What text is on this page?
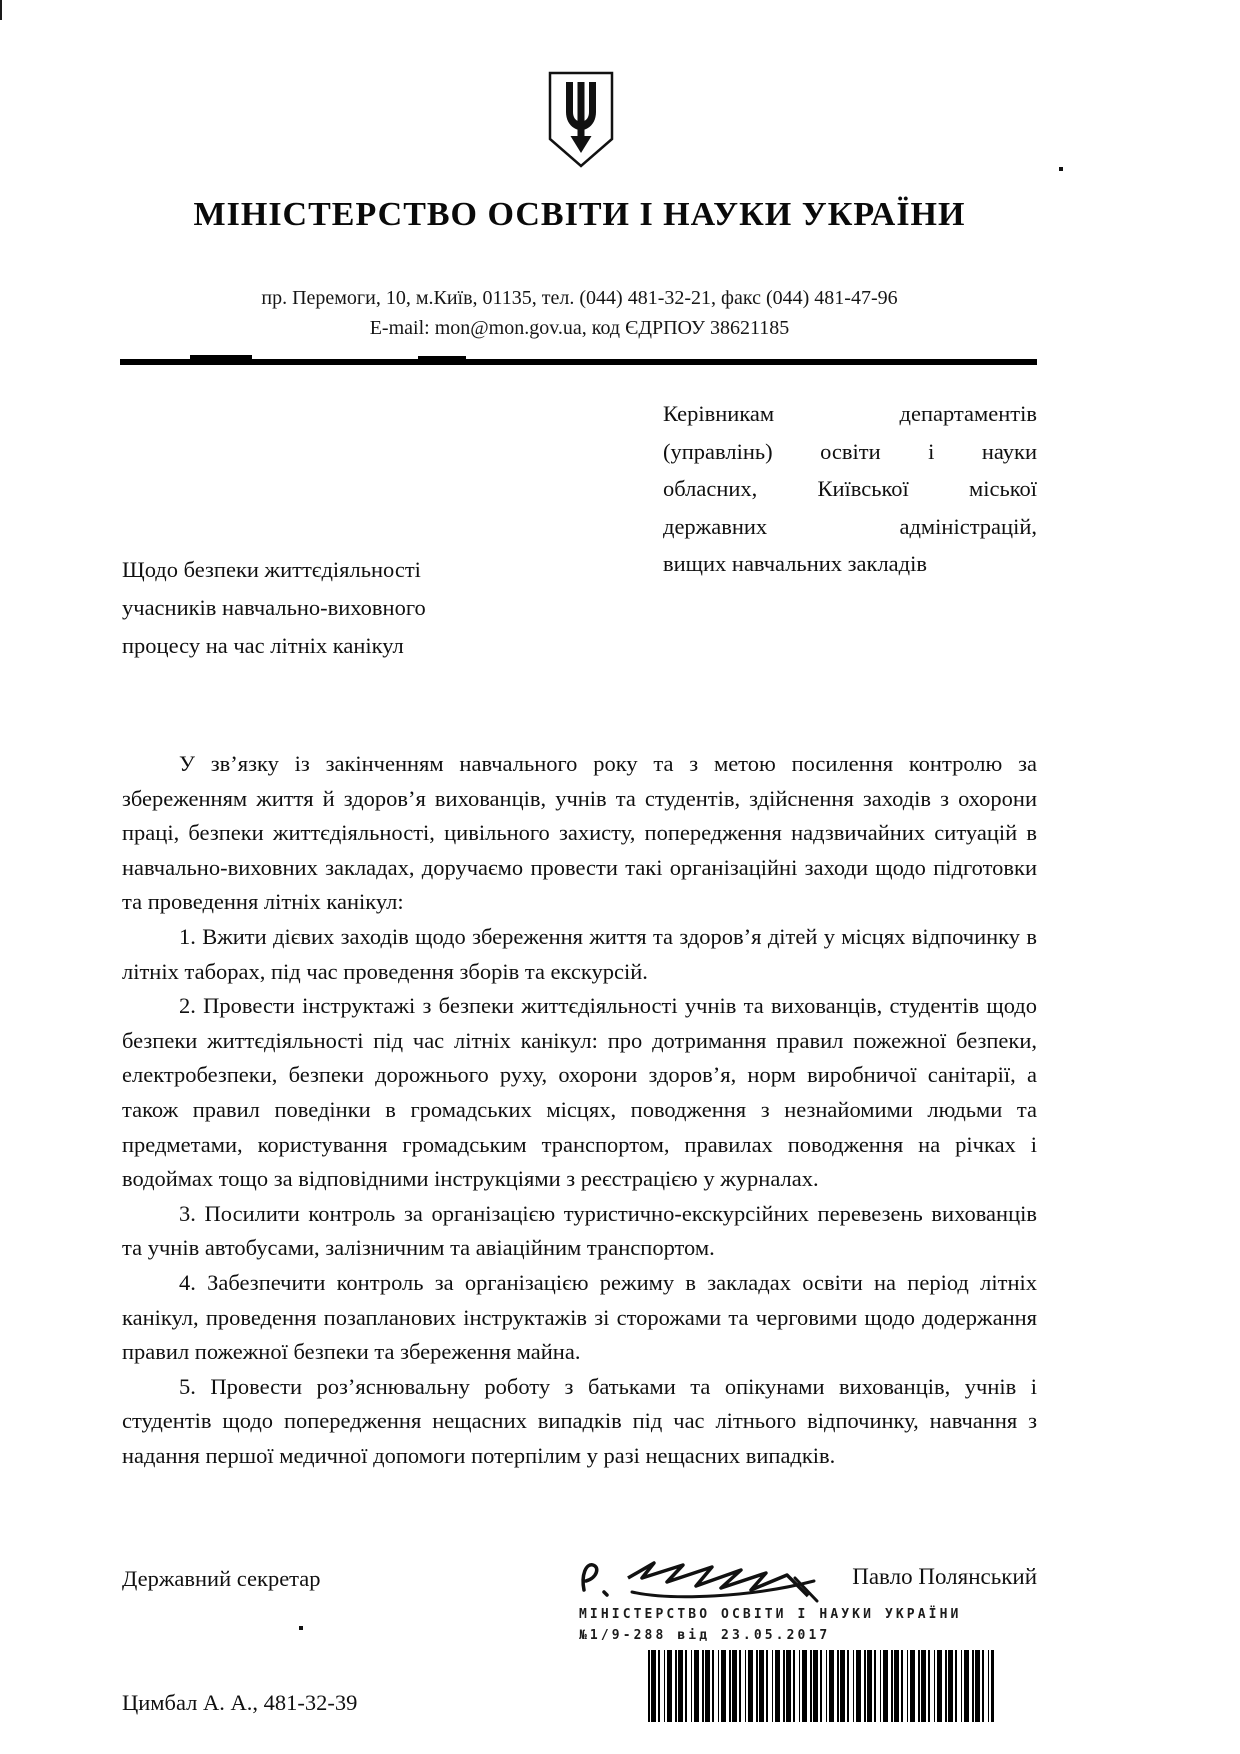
МІНІСТЕРСТВО ОСВІТИ І НАУКИ УКРАЇНИ
пр. Перемоги, 10, м.Київ, 01135, тел. (044) 481-32-21, факс (044) 481-47-96
E-mail: mon@mon.gov.ua, код ЄДРПОУ 38621185
Керівникам департаментів
(управлінь) освіти і науки
обласних, Київської міської
державних адміністрацій,
вищих навчальних закладів
Щодо безпеки життєдіяльності
учасників навчально-виховного
процесу на час літніх канікул

У зв’язку із закінченням навчального року та з метою посилення контролю за збереженням життя й здоров’я вихованців, учнів та студентів, здійснення заходів з охорони праці, безпеки життєдіяльності, цивільного захисту, попередження надзвичайних ситуацій в навчально-виховних закладах, доручаємо провести такі організаційні заходи щодо підготовки та проведення літніх канікул:

1. Вжити дієвих заходів щодо збереження життя та здоров’я дітей у місцях відпочинку в літніх таборах, під час проведення зборів та екскурсій.

2. Провести інструктажі з безпеки життєдіяльності учнів та вихованців, студентів щодо безпеки життєдіяльності під час літніх канікул: про дотримання правил пожежної безпеки, електробезпеки, безпеки дорожнього руху, охорони здоров’я, норм виробничої санітарії, а також правил поведінки в громадських місцях, поводження з незнайомими людьми та предметами, користування громадським транспортом, правилах поводження на річках і водоймах тощо за відповідними інструкціями з реєстрацією у журналах.

3. Посилити контроль за організацією туристично-екскурсійних перевезень вихованців та учнів автобусами, залізничним та авіаційним транспортом.

4. Забезпечити контроль за організацією режиму в закладах освіти на період літніх канікул, проведення позапланових інструктажів зі сторожами та черговими щодо додержання правил пожежної безпеки та збереження майна.

5. Провести роз’яснювальну роботу з батьками та опікунами вихованців, учнів і студентів щодо попередження нещасних випадків під час літнього відпочинку, навчання з надання першої медичної допомоги потерпілим у разі нещасних випадків.

Державний секретар	Павло Полянський
МІНІСТЕРСТВО ОСВІТИ І НАУКИ УКРАЇНИ
№1/9-288 від 23.05.2017
Цимбал А. А., 481-32-39
